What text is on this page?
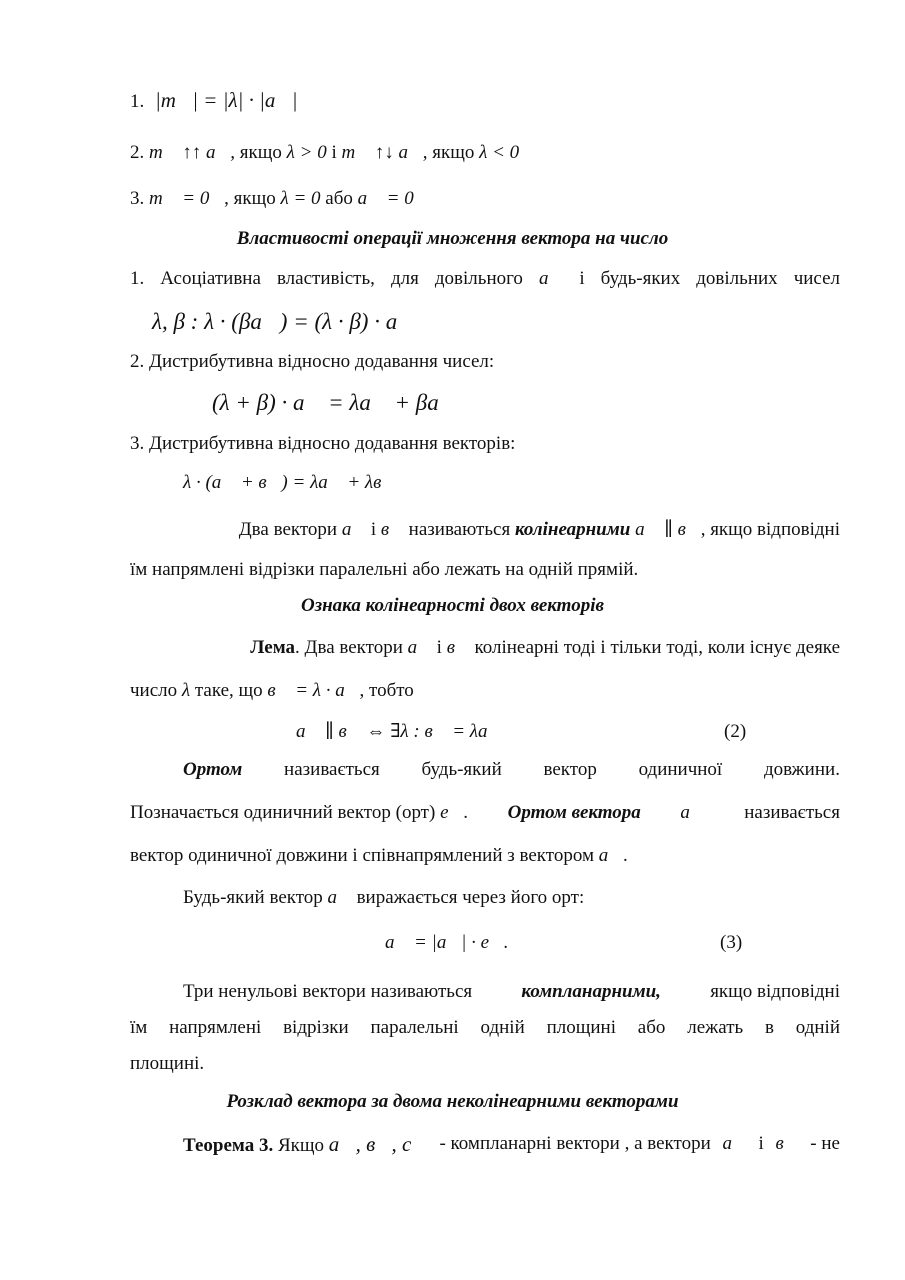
1. |m⃗| = |λ| · |a⃗|
2. m⃗ ↑↑ a⃗, якщо λ > 0 і m⃗ ↑↓ a⃗, якщо λ < 0
3. m⃗ = 0⃗, якщо λ = 0 або a⃗ = 0⃗
Властивості операції множення вектора на число
1. Асоціативна властивість, для довільного a⃗ і будь-яких довільних чисел
λ, β : λ · (βa⃗) = (λ · β) · a⃗
2. Дистрибутивна відносно додавання чисел:
(λ + β) · a⃗ = λa⃗ + βa⃗
3. Дистрибутивна відносно додавання векторів:
λ · (a⃗ + в⃗) = λa⃗ + λв⃗
Два вектори a⃗ і в⃗ називаються колінеарними a⃗ ∥ в⃗, якщо відповідні
їм напрямлені відрізки паралельні або лежать на одній прямій.
Ознака колінеарності двох векторів
Лема. Два вектори a⃗ і в⃗ колінеарні тоді і тільки тоді, коли існує деяке
число λ таке, що в⃗ = λ · a⃗, тобто
a⃗ ∥ в⃗ ⇔ ∃λ : в⃗ = λa⃗	(2)
Ортом називається будь-який вектор одиничної довжини.
Позначається одиничний вектор (орт) e⃗. Ортом вектора a⃗ називається
вектор одиничної довжини і співнапрямлений з вектором a⃗.
Будь-який вектор a⃗ виражається через його орт:
a⃗ = |a⃗| · e⃗.	(3)
Три ненульові вектори називаються	компланарними,	якщо відповідні
їм напрямлені відрізки паралельні одній площині або лежать в одній
площині.
Розклад вектора за двома неколінеарними векторами
Теорема 3. Якщо a⃗, в⃗, c⃗ - компланарні вектори , а вектори a⃗ і в⃗ - не
